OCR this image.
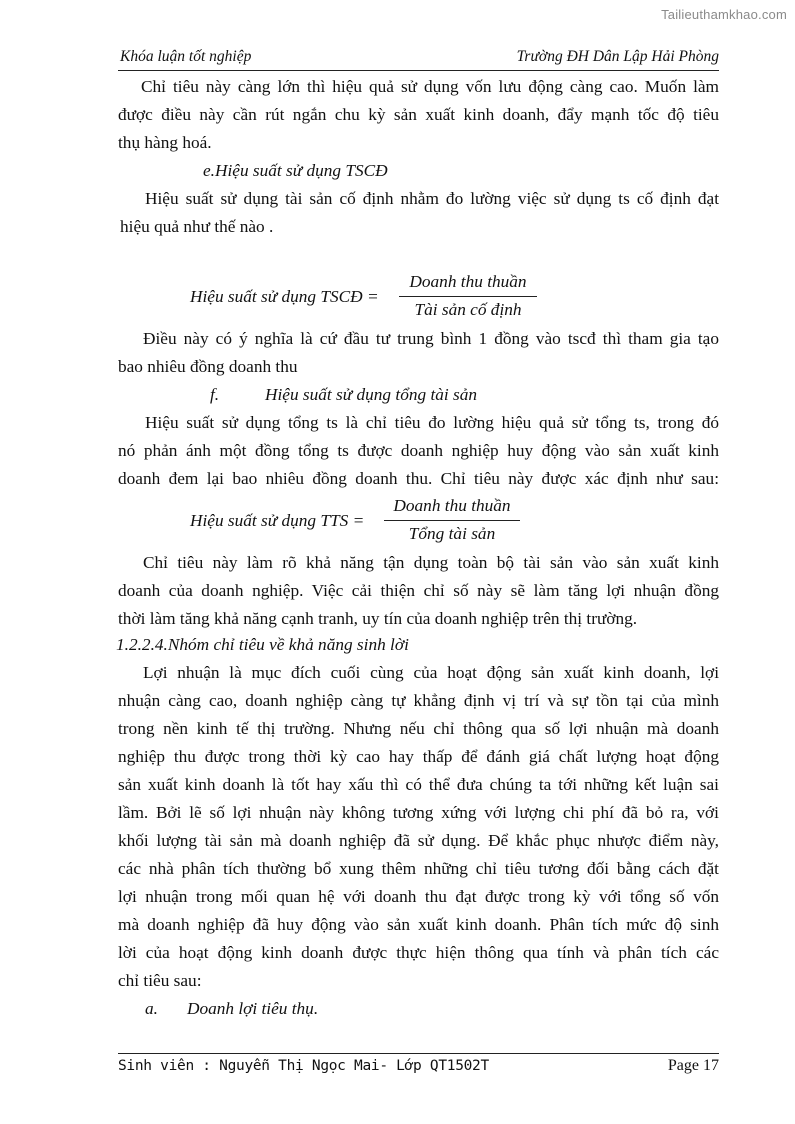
Tailieuthamkhao.com
Khóa luận tốt nghiệp	Trường ĐH Dân Lập Hải Phòng
Chỉ tiêu này càng lớn thì hiệu quả sử dụng vốn lưu động càng cao. Muốn làm
được điều này cần rút ngắn chu kỳ sản xuất kinh doanh, đẩy mạnh tốc độ tiêu
thụ hàng hoá.
e.Hiệu suất sử dụng TSCĐ
Hiệu suất sử dụng tài sản cố định nhằm đo lường việc sử dụng ts cố định đạt
hiệu quả như thế nào .
Hiệu suất sử dụng TSCĐ =
Doanh thu thuần
Tài sản cố định
Điều này có ý nghĩa là cứ đầu tư trung bình 1 đồng vào tscđ thì tham gia tạo
bao nhiêu đồng doanh thu
f.	Hiệu suất sử dụng tổng tài sản
Hiệu suất sử dụng tổng ts là chỉ tiêu đo lường hiệu quả sử tổng ts, trong đó
nó phản ánh một đồng tổng ts được doanh nghiệp huy động vào sản xuất kinh
doanh đem lại bao nhiêu đồng doanh thu. Chỉ tiêu này được xác định như sau:
Hiệu suất sử dụng TTS =
Doanh thu thuần
Tổng tài sản
Chỉ tiêu này làm rõ khả năng tận dụng toàn bộ tài sản vào sản xuất kinh
doanh của doanh nghiệp. Việc cải thiện chỉ số này sẽ làm tăng lợi nhuận đồng
thời làm tăng khả năng cạnh tranh, uy tín của doanh nghiệp trên thị trường.
1.2.2.4.Nhóm chỉ tiêu về khả năng sinh lời
Lợi nhuận là mục đích cuối cùng của hoạt động sản xuất kinh doanh, lợi
nhuận càng cao, doanh nghiệp càng tự khẳng định vị trí và sự tồn tại của mình
trong nền kinh tế thị trường. Nhưng nếu chỉ thông qua số lợi nhuận mà doanh
nghiệp thu được trong thời kỳ cao hay thấp để đánh giá chất lượng hoạt động
sản xuất kinh doanh là tốt hay xấu thì có thể đưa chúng ta tới những kết luận sai
lầm. Bởi lẽ số lợi nhuận này không tương xứng với lượng chi phí đã bỏ ra, với
khối lượng tài sản mà doanh nghiệp đã sử dụng. Để khắc phục nhược điểm này,
các nhà phân tích thường bổ xung thêm những chỉ tiêu tương đối bằng cách đặt
lợi nhuận trong mối quan hệ với doanh thu đạt được trong kỳ với tổng số vốn
mà doanh nghiệp đã huy động vào sản xuất kinh doanh. Phân tích mức độ sinh
lời của hoạt động kinh doanh được thực hiện thông qua tính và phân tích các
chỉ tiêu sau:
a. Doanh lợi tiêu thụ.
Sinh viên : Nguyễn Thị Ngọc Mai- Lớp QT1502T	Page 17
